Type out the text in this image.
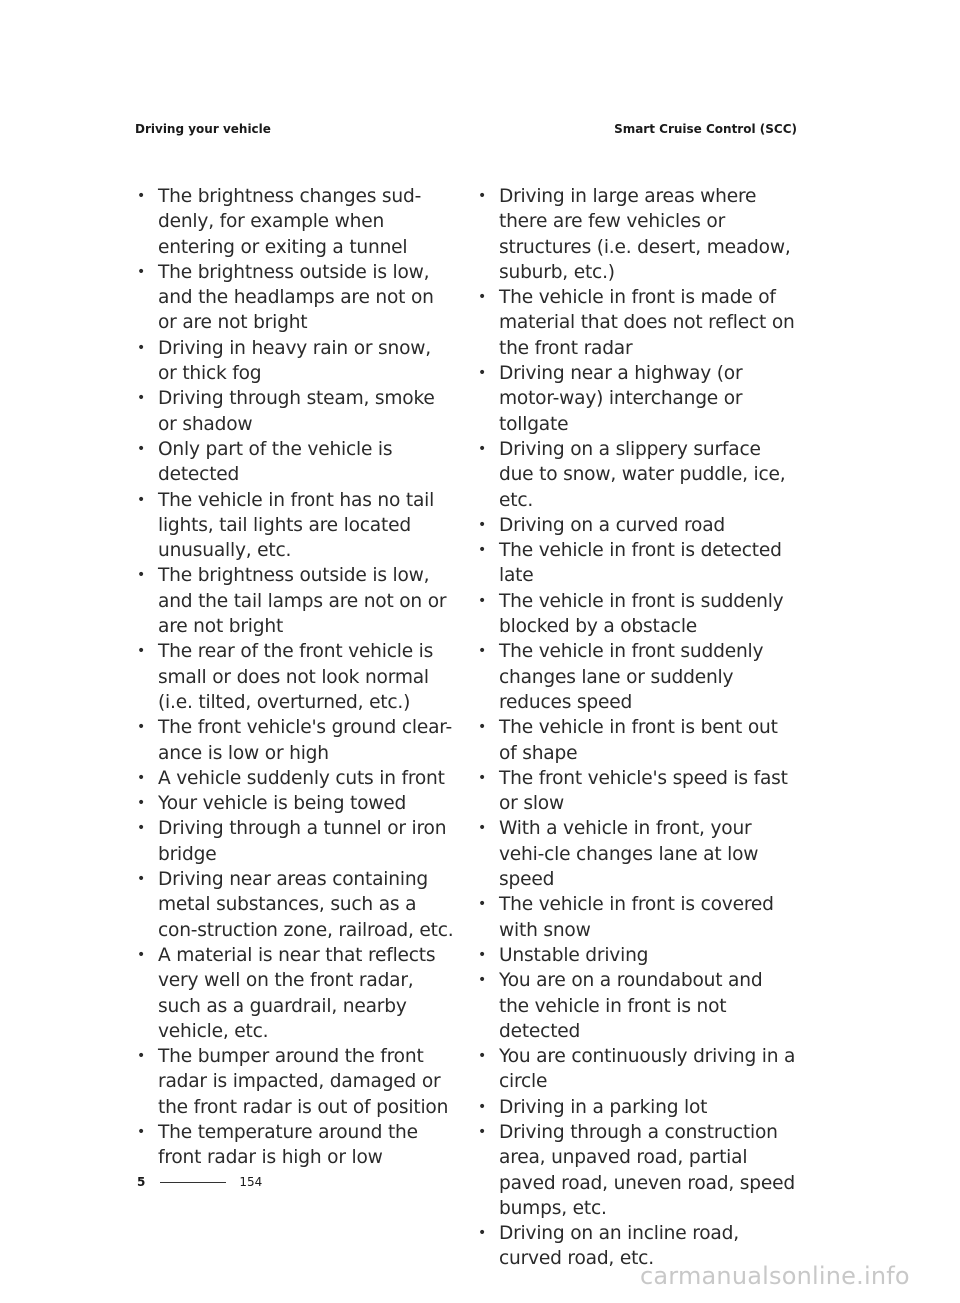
Driving your vehicle	Smart Cruise Control (SCC)
• The brightness changes sud-denly, for example when entering or exiting a tunnel
• The brightness outside is low, and the headlamps are not on or are not bright
• Driving in heavy rain or snow, or thick fog
• Driving through steam, smoke or shadow
• Only part of the vehicle is detected
• The vehicle in front has no tail lights, tail lights are located unusually, etc.
• The brightness outside is low, and the tail lamps are not on or are not bright
• The rear of the front vehicle is small or does not look normal (i.e. tilted, overturned, etc.)
• The front vehicle's ground clear-ance is low or high
• A vehicle suddenly cuts in front
• Your vehicle is being towed
• Driving through a tunnel or iron bridge
• Driving near areas containing metal substances, such as a con-struction zone, railroad, etc.
• A material is near that reflects very well on the front radar, such as a guardrail, nearby vehicle, etc.
• The bumper around the front radar is impacted, damaged or the front radar is out of position
• The temperature around the front radar is high or low
• Driving in large areas where there are few vehicles or structures (i.e. desert, meadow, suburb, etc.)
• The vehicle in front is made of material that does not reflect on the front radar
• Driving near a highway (or motor-way) interchange or tollgate
• Driving on a slippery surface due to snow, water puddle, ice, etc.
• Driving on a curved road
• The vehicle in front is detected late
• The vehicle in front is suddenly blocked by a obstacle
• The vehicle in front suddenly changes lane or suddenly reduces speed
• The vehicle in front is bent out of shape
• The front vehicle's speed is fast or slow
• With a vehicle in front, your vehi-cle changes lane at low speed
• The vehicle in front is covered with snow
• Unstable driving
• You are on a roundabout and the vehicle in front is not detected
• You are continuously driving in a circle
• Driving in a parking lot
• Driving through a construction area, unpaved road, partial paved road, uneven road, speed bumps, etc.
• Driving on an incline road, curved road, etc.
5	154
carmanualsonline.info
